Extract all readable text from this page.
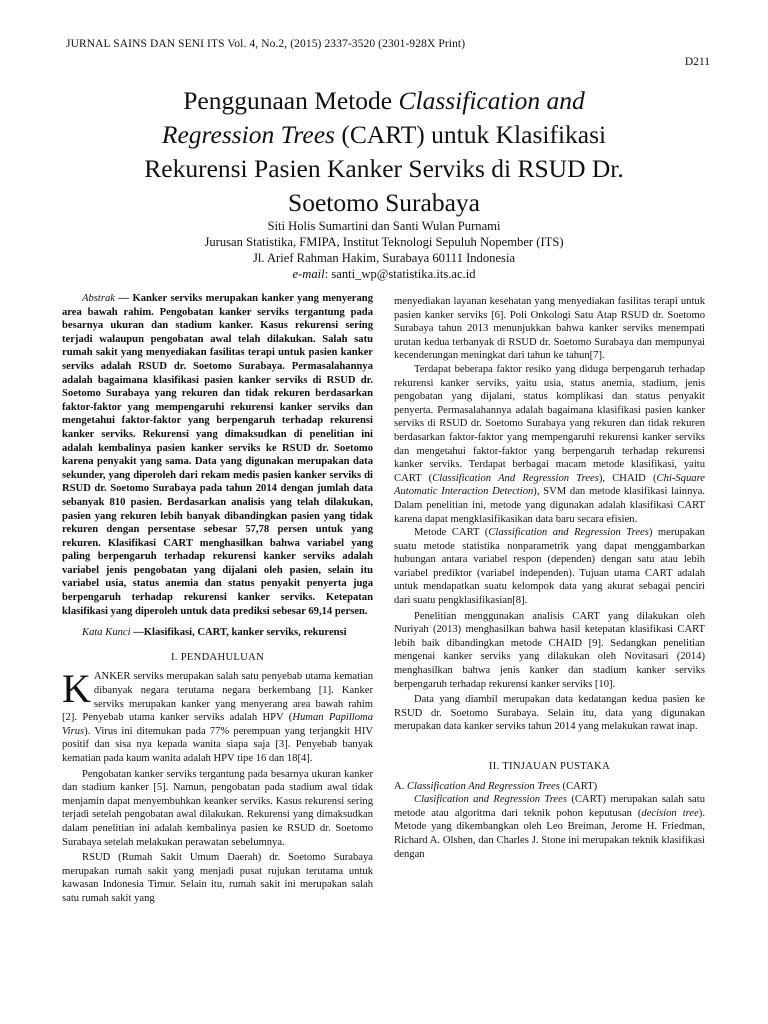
JURNAL SAINS DAN SENI ITS Vol. 4, No.2, (2015) 2337-3520 (2301-928X Print)
D211
Penggunaan Metode Classification and
Regression Trees (CART) untuk Klasifikasi
Rekurensi Pasien Kanker Serviks di RSUD Dr.
Soetomo Surabaya
Siti Holis Sumartini dan Santi Wulan Purnami
Jurusan Statistika, FMIPA, Institut Teknologi Sepuluh Nopember (ITS)
Jl. Arief Rahman Hakim, Surabaya 60111 Indonesia
e-mail: santi_wp@statistika.its.ac.id

Abstrak — Kanker serviks merupakan kanker yang menyerang area bawah rahim. Pengobatan kanker serviks tergantung pada besarnya ukuran dan stadium kanker. Kasus rekurensi sering terjadi walaupun pengobatan awal telah dilakukan. Salah satu rumah sakit yang menyediakan fasilitas terapi untuk pasien kanker serviks adalah RSUD dr. Soetomo Surabaya. Permasalahannya adalah bagaimana klasifikasi pasien kanker serviks di RSUD dr. Soetomo Surabaya yang rekuren dan tidak rekuren berdasarkan faktor-faktor yang mempengaruhi rekurensi kanker serviks dan mengetahui faktor-faktor yang berpengaruh terhadap rekurensi kanker serviks. Rekurensi yang dimaksudkan di penelitian ini adalah kembalinya pasien kanker serviks ke RSUD dr. Soetomo karena penyakit yang sama. Data yang digunakan merupakan data sekunder, yang diperoleh dari rekam medis pasien kanker serviks di RSUD dr. Soetomo Surabaya pada tahun 2014 dengan jumlah data sebanyak 810 pasien. Berdasarkan analisis yang telah dilakukan, pasien yang rekuren lebih banyak dibandingkan pasien yang tidak rekuren dengan persentase sebesar 57,78 persen untuk yang rekuren. Klasifikasi CART menghasilkan bahwa variabel yang paling berpengaruh terhadap rekurensi kanker serviks adalah variabel jenis pengobatan yang dijalani oleh pasien, selain itu variabel usia, status anemia dan status penyakit penyerta juga berpengaruh terhadap rekurensi kanker serviks. Ketepatan klasifikasi yang diperoleh untuk data prediksi sebesar 69,14 persen.

Kata Kunci —Klasifikasi, CART, kanker serviks, rekurensi

I. PENDAHULUAN

KANKER serviks merupakan salah satu penyebab utama kematian dibanyak negara terutama negara berkembang [1]. Kanker serviks merupakan kanker yang menyerang area bawah rahim [2]. Penyebab utama kanker serviks adalah HPV (Human Papilloma Virus). Virus ini ditemukan pada 77% perempuan yang terjangkit HIV positif dan sisa nya kepada wanita siapa saja [3]. Penyebab banyak kematian pada kaum wanita adalah HPV tipe 16 dan 18[4].

Pengobatan kanker serviks tergantung pada besarnya ukuran kanker dan stadium kanker [5]. Namun, pengobatan pada stadium awal tidak menjamin dapat menyembuhkan keanker serviks. Kasus rekurensi sering terjadi setelah pengobatan awal dilakukan. Rekurensi yang dimaksudkan dalam penelitian ini adalah kembalinya pasien ke RSUD dr. Soetomo Surabaya setelah melakukan perawatan sebelumnya.

RSUD (Rumah Sakit Umum Daerah) dr. Soetomo Surabaya merupakan rumah sakit yang menjadi pusat rujukan terutama untuk kawasan Indonesia Timur. Selain itu, rumah sakit ini merupakan salah satu rumah sakit yang

menyediakan layanan kesehatan yang menyediakan fasilitas terapi untuk pasien kanker serviks [6]. Poli Onkologi Satu Atap RSUD dr. Soetomo Surabaya tahun 2013 menunjukkan bahwa kanker serviks menempati urutan kedua terbanyak di RSUD dr. Soetomo Surabaya dan mempunyai kecenderungan meningkat dari tahun ke tahun[7].

Terdapat beberapa faktor resiko yang diduga berpengaruh terhadap rekurensi kanker serviks, yaitu usia, status anemia, stadium, jenis pengobatan yang dijalani, status komplikasi dan status penyakit penyerta. Permasalahannya adalah bagaimana klasifikasi pasien kanker serviks di RSUD dr. Soetomo Surabaya yang rekuren dan tidak rekuren berdasarkan faktor-faktor yang mempengaruhi rekurensi kanker serviks dan mengetahui faktor-faktor yang berpengaruh terhadap rekurensi kanker serviks. Terdapat berbagai macam metode klasifikasi, yaitu CART (Classification And Regression Trees), CHAID (Chi-Square Automatic Interaction Detection), SVM dan metode klasifikasi lainnya. Dalam penelitian ini, metode yang digunakan adalah klasifikasi CART karena dapat mengklasifikasikan data baru secara efisien.

Metode CART (Classification and Regression Trees) merupakan suatu metode statistika nonparametrik yang dapat menggambarkan hubungan antara variabel respon (dependen) dengan satu atau lebih variabel prediktor (variabel independen). Tujuan utama CART adalah untuk mendapatkan suatu kelompok data yang akurat sebagai penciri dari suatu pengklasifikasian[8].

Penelitian menggunakan analisis CART yang dilakukan oleh Nuriyah (2013) menghasilkan bahwa hasil ketepatan klasifikasi CART lebih baik dibandingkan metode CHAID [9]. Sedangkan penelitian mengenai kanker serviks yang dilakukan oleh Novitasari (2014) menghasilkan bahwa jenis kanker dan stadium kanker serviks berpengaruh terhadap rekurensi kanker serviks [10].

Data yang diambil merupakan data kedatangan kedua pasien ke RSUD dr. Soetomo Surabaya. Selain itu, data yang digunakan merupakan data kanker serviks tahun 2014 yang melakukan rawat inap.

II. TINJAUAN PUSTAKA

A. Classification And Regression Trees (CART)

Clasification and Regression Trees (CART) merupakan salah satu metode atau algoritma dari teknik pohon keputusan (decision tree). Metode yang dikembangkan oleh Leo Breiman, Jerome H. Friedman, Richard A. Olshen, dan Charles J. Stone ini merupakan teknik klasifikasi dengan
